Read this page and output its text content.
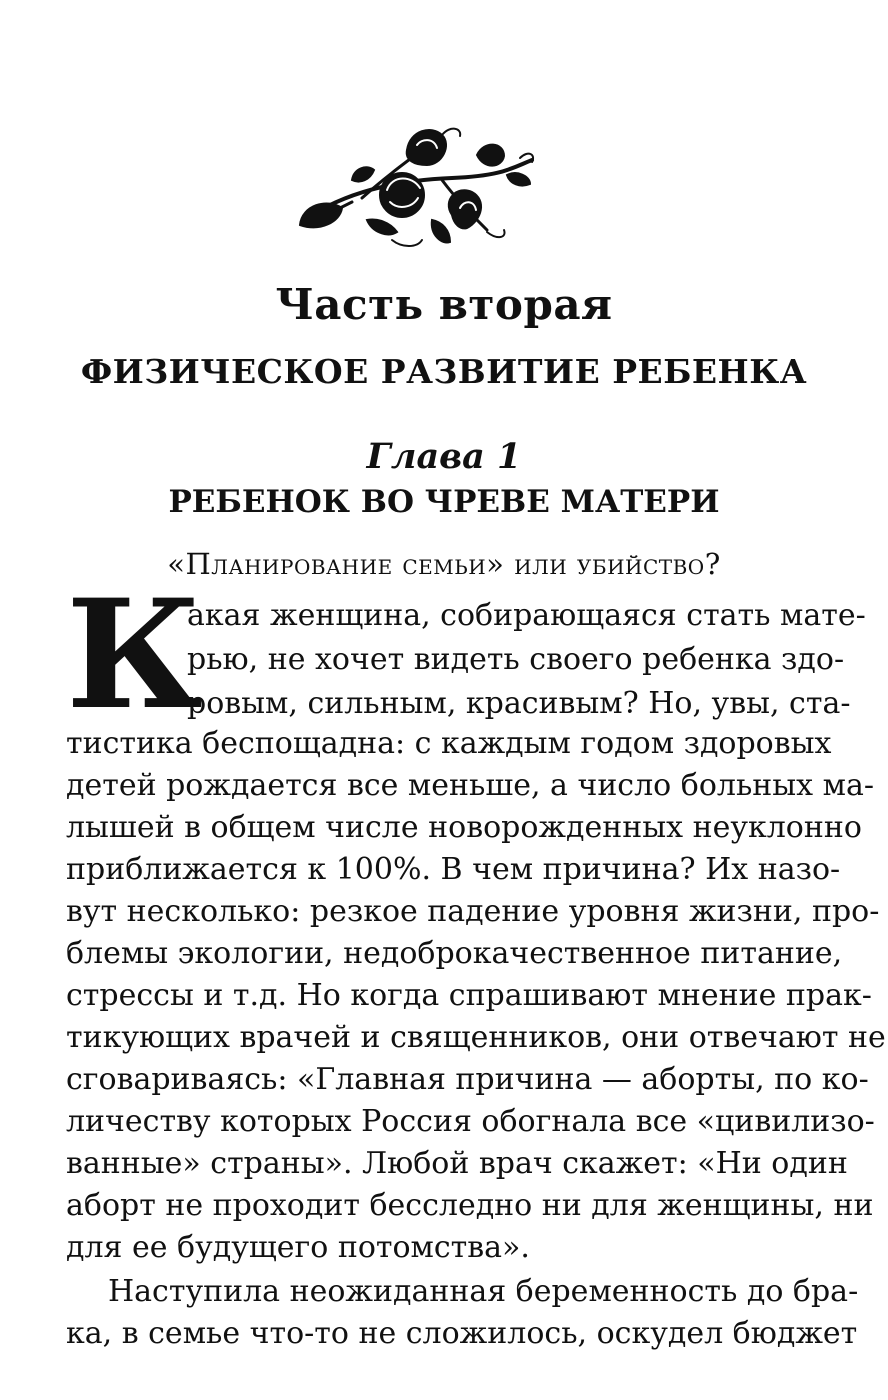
Часть вторая
ФИЗИЧЕСКОЕ РАЗВИТИЕ РЕБЕНКА
Глава 1
РЕБЕНОК ВО ЧРЕВЕ МАТЕРИ
«Планирование семьи» или убийство?
К
акая женщина, собирающаяся стать мате-
рью, не хочет видеть своего ребенка здо-
ровым, сильным, красивым? Но, увы, ста-
тистика беспощадна: с каждым годом здоровых
детей рождается все меньше, а число больных ма-
лышей в общем числе новорожденных неуклонно
приближается к 100%. В чем причина? Их назо-
вут несколько: резкое падение уровня жизни, про-
блемы экологии, недоброкачественное питание,
стрессы и т.д. Но когда спрашивают мнение прак-
тикующих врачей и священников, они отвечают не
сговариваясь: «Главная причина — аборты, по ко-
личеству которых Россия обогнала все «цивилизо-
ванные» страны». Любой врач скажет: «Ни один
аборт не проходит бесследно ни для женщины, ни
для ее будущего потомства».
Наступила неожиданная беременность до бра-
ка, в семье что-то не сложилось, оскудел бюджет
